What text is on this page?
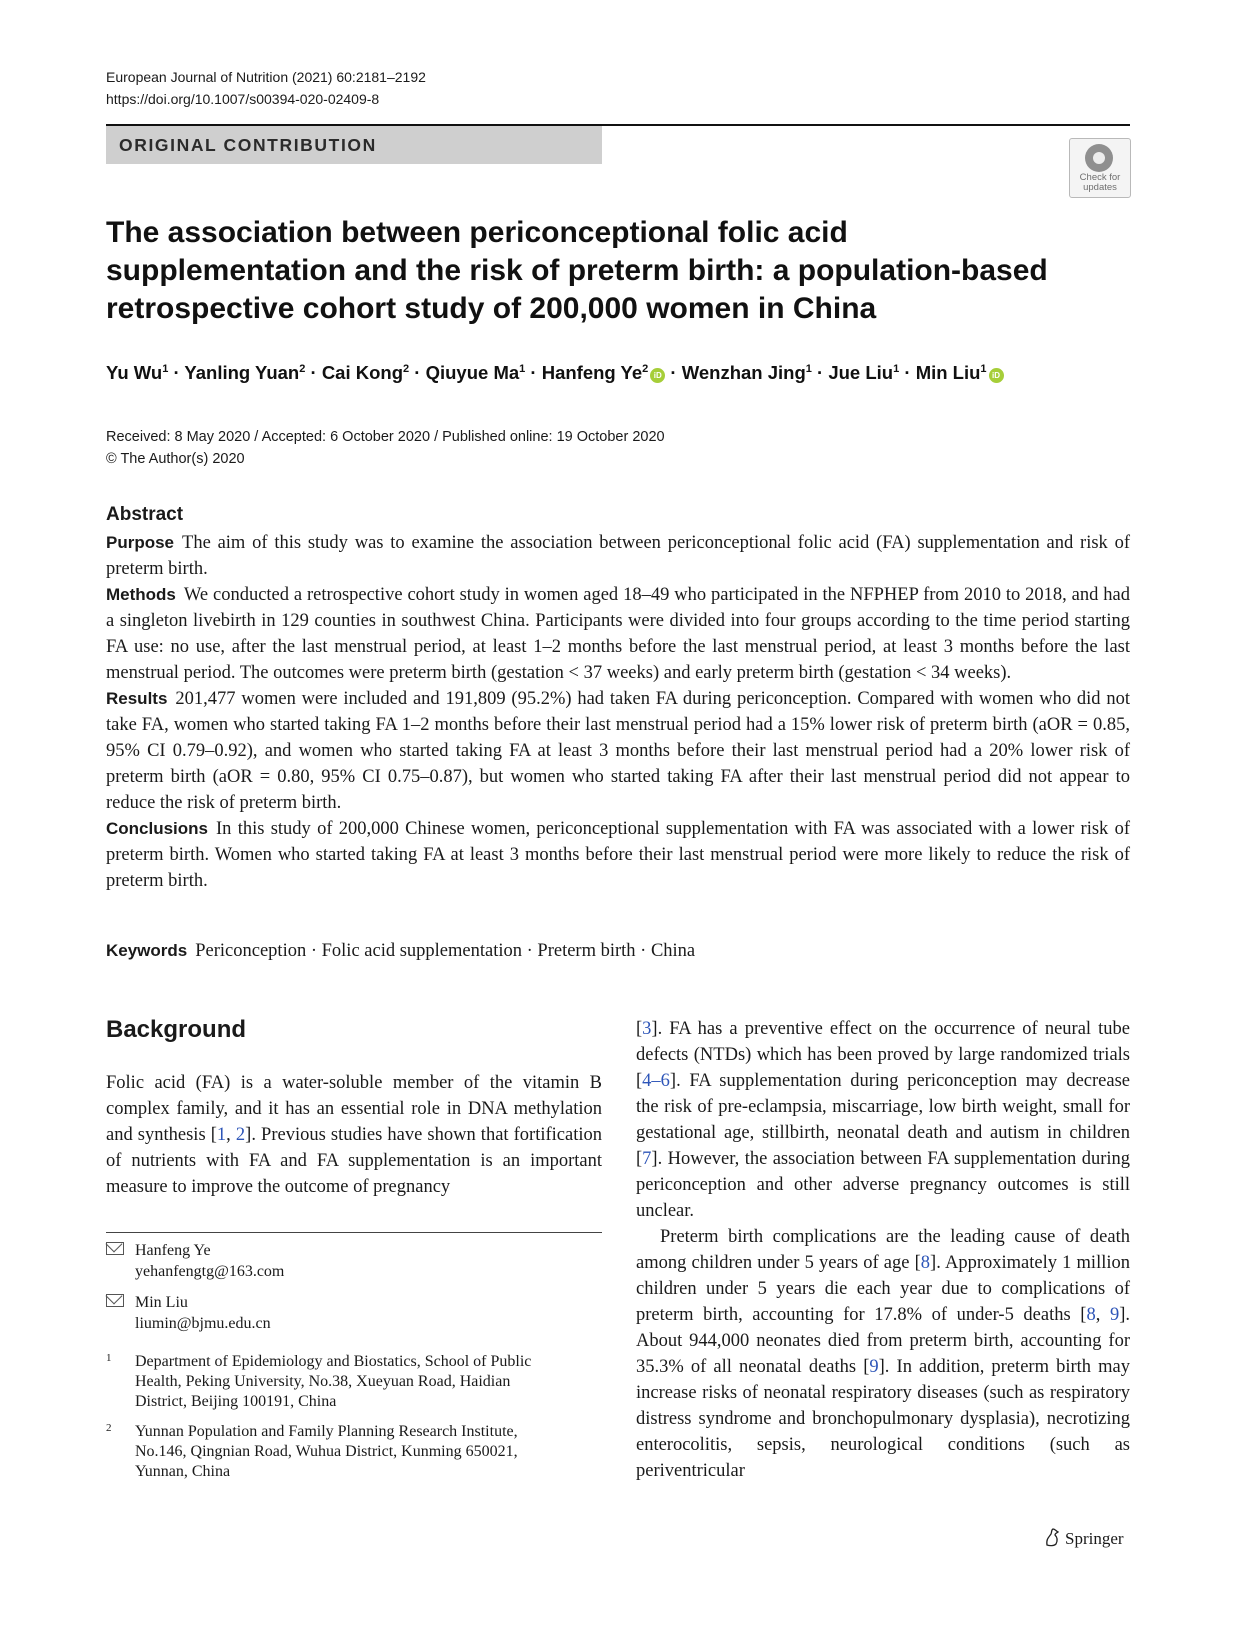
European Journal of Nutrition (2021) 60:2181–2192
https://doi.org/10.1007/s00394-020-02409-8
ORIGINAL CONTRIBUTION
Check for updates
The association between periconceptional folic acid supplementation and the risk of preterm birth: a population-based retrospective cohort study of 200,000 women in China
Yu $Wu^1$ · Yanling Yuan$^2$ · Cai Kong$^2$ · Qiuyue $Ma^1$ · Hanfeng $Ye^2iD$ · Wenzhan Jing$^1$ · Jue Liu$^1$ · Min Liu$^1$iD
Received: 8 May 2020 / Accepted: 6 October 2020 / Published online: 19 October 2020
© The Author(s) 2020
Abstract

Purpose The aim of this study was to examine the association between periconceptional folic acid (FA) supplementation and risk of preterm birth.

Methods We conducted a retrospective cohort study in women aged 18–49 who participated in the NFPHEP from 2010 to 2018, and had a singleton livebirth in 129 counties in southwest China. Participants were divided into four groups according to the time period starting FA use: no use, after the last menstrual period, at least 1–2 months before the last menstrual period, at least 3 months before the last menstrual period. The outcomes were preterm birth (gestation < 37 weeks) and early preterm birth (gestation < 34 weeks).

Results 201,477 women were included and 191,809 (95.2%) had taken FA during periconception. Compared with women who did not take FA, women who started taking FA 1–2 months before their last menstrual period had a 15% lower risk of preterm birth (aOR = 0.85, 95% CI 0.79–0.92), and women who started taking FA at least 3 months before their last menstrual period had a 20% lower risk of preterm birth (aOR = 0.80, 95% CI 0.75–0.87), but women who started taking FA after their last menstrual period did not appear to reduce the risk of preterm birth.

Conclusions In this study of 200,000 Chinese women, periconceptional supplementation with FA was associated with a lower risk of preterm birth. Women who started taking FA at least 3 months before their last menstrual period were more likely to reduce the risk of preterm birth.

Keywords Periconception · Folic acid supplementation · Preterm birth · China
Background

Folic acid (FA) is a water-soluble member of the vitamin B complex family, and it has an essential role in DNA methylation and synthesis [1, 2]. Previous studies have shown that fortification of nutrients with FA and FA supplementation is an important measure to improve the outcome of pregnancy

[3]. FA has a preventive effect on the occurrence of neural tube defects (NTDs) which has been proved by large randomized trials [4–6]. FA supplementation during periconception may decrease the risk of pre-eclampsia, miscarriage, low birth weight, small for gestational age, stillbirth, neonatal death and autism in children [7]. However, the association between FA supplementation during periconception and other adverse pregnancy outcomes is still unclear.

Preterm birth complications are the leading cause of death among children under 5 years of age [8]. Approximately 1 million children under 5 years die each year due to complications of preterm birth, accounting for 17.8% of under-5 deaths [8, 9]. About 944,000 neonates died from preterm birth, accounting for 35.3% of all neonatal deaths [9]. In addition, preterm birth may increase risks of neonatal respiratory diseases (such as respiratory distress syndrome and bronchopulmonary dysplasia), necrotizing enterocolitis, sepsis, neurological conditions (such as periventricular

Hanfeng Ye
yehanfengtg@163.com
Min Liu
liumin@bjmu.edu.cn
1 Department of Epidemiology and Biostatics, School of Public Health, Peking University, No.38, Xueyuan Road, Haidian District, Beijing 100191, China
2 Yunnan Population and Family Planning Research Institute, No.146, Qingnian Road, Wuhua District, Kunming 650021, Yunnan, China
Springer
